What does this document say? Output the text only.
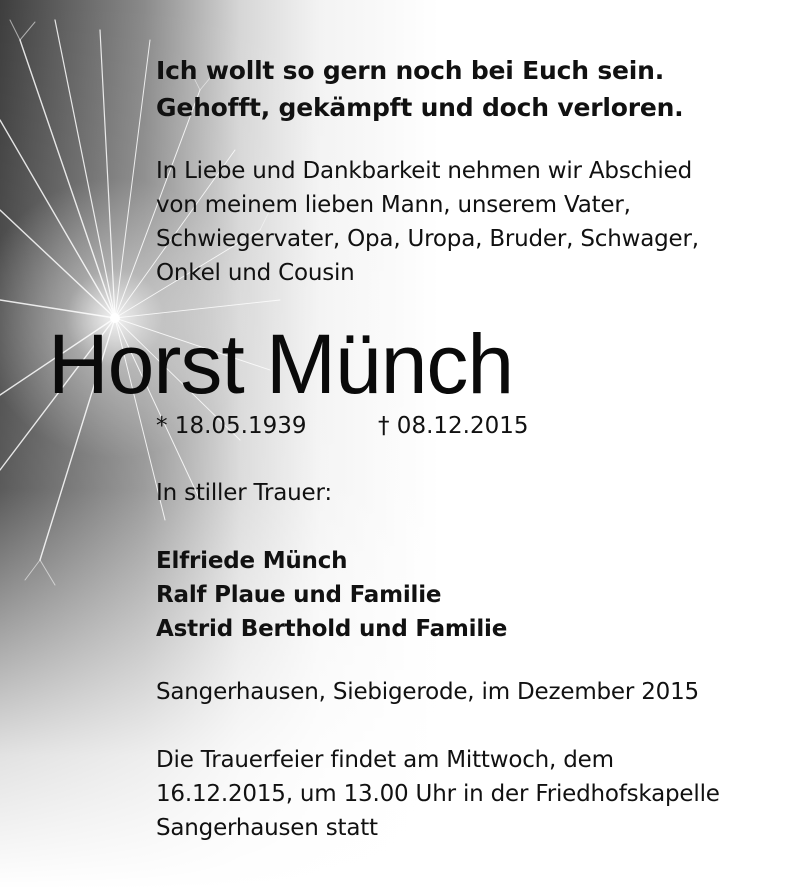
Ich wollt so gern noch bei Euch sein.
Gehofft, gekämpft und doch verloren.
In Liebe und Dankbarkeit nehmen wir Abschied
von meinem lieben Mann, unserem Vater,
Schwiegervater, Opa, Uropa, Bruder, Schwager,
Onkel und Cousin
Horst Münch
* 18.05.1939	† 08.12.2015
In stiller Trauer:
Elfriede Münch
Ralf Plaue und Familie
Astrid Berthold und Familie
Sangerhausen, Siebigerode, im Dezember 2015
Die Trauerfeier findet am Mittwoch, dem
16.12.2015, um 13.00 Uhr in der Friedhofskapelle
Sangerhausen statt
